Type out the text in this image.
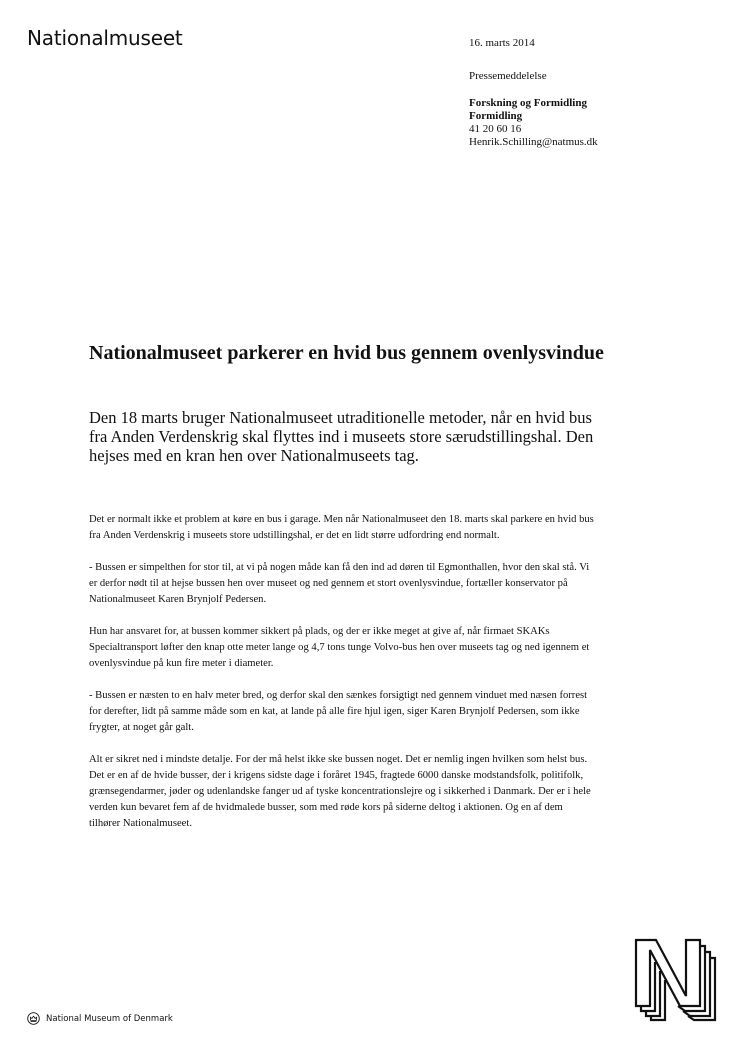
Nationalmuseet	16. marts 2014
Pressemeddelelse
Forskning og Formidling
Formidling
41 20 60 16
Henrik.Schilling@natmus.dk
Nationalmuseet parkerer en hvid bus gennem ovenlysvindue

Den 18 marts bruger Nationalmuseet utraditionelle metoder, når en hvid bus fra Anden Verdenskrig skal flyttes ind i museets store særudstillingshal. Den hejses med en kran hen over Nationalmuseets tag.

Det er normalt ikke et problem at køre en bus i garage. Men når Nationalmuseet den 18. marts skal parkere en hvid bus fra Anden Verdenskrig i museets store udstillingshal, er det en lidt større udfordring end normalt.

- Bussen er simpelthen for stor til, at vi på nogen måde kan få den ind ad døren til Egmonthallen, hvor den skal stå. Vi er derfor nødt til at hejse bussen hen over museet og ned gennem et stort ovenlysvindue, fortæller konservator på Nationalmuseet Karen Brynjolf Pedersen.

Hun har ansvaret for, at bussen kommer sikkert på plads, og der er ikke meget at give af, når firmaet SKAKs Specialtransport løfter den knap otte meter lange og 4,7 tons tunge Volvo-bus hen over museets tag og ned igennem et ovenlysvindue på kun fire meter i diameter.

- Bussen er næsten to en halv meter bred, og derfor skal den sænkes forsigtigt ned gennem vinduet med næsen forrest for derefter, lidt på samme måde som en kat, at lande på alle fire hjul igen, siger Karen Brynjolf Pedersen, som ikke frygter, at noget går galt.

Alt er sikret ned i mindste detalje. For der må helst ikke ske bussen noget. Det er nemlig ingen hvilken som helst bus. Det er en af de hvide busser, der i krigens sidste dage i foråret 1945, fragtede 6000 danske modstandsfolk, politifolk, grænsegendarmer, jøder og udenlandske fanger ud af tyske koncentrationslejre og i sikkerhed i Danmark. Der er i hele verden kun bevaret fem af de hvidmalede busser, som med røde kors på siderne deltog i aktionen. Og en af dem tilhører Nationalmuseet.

National Museum of Denmark
